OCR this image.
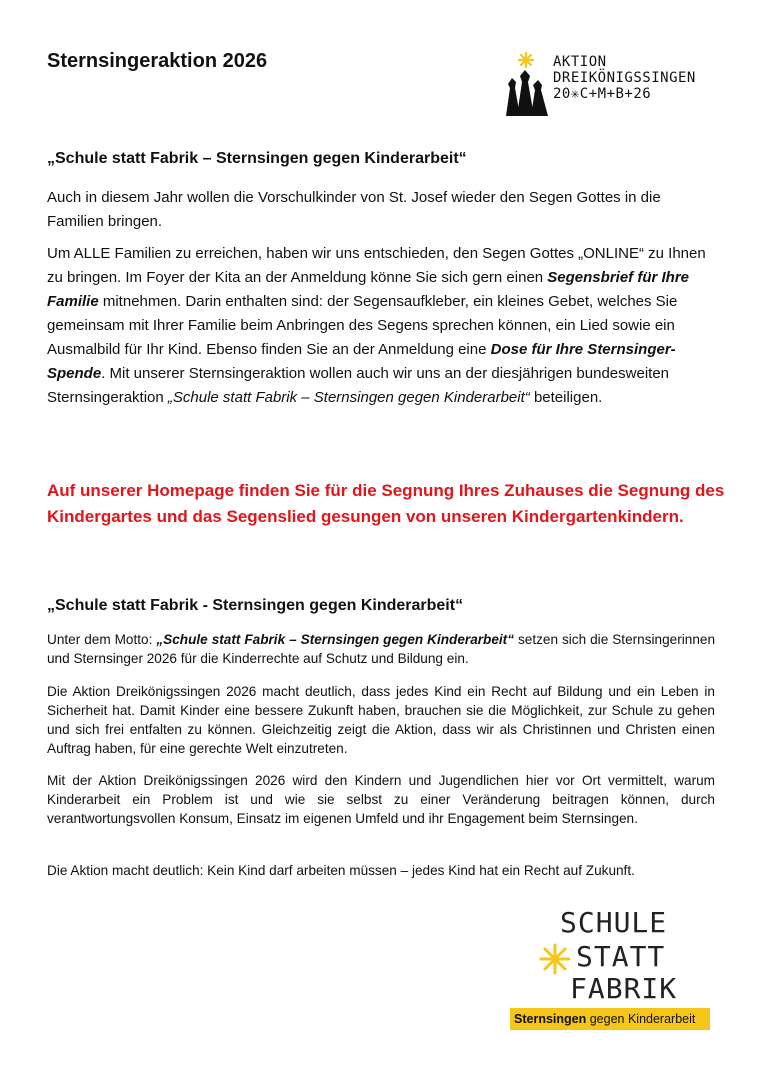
Sternsingeraktion 2026	AKTION
DREIKÖNIGSSINGEN
20✳C+M+B+26
„Schule statt Fabrik – Sternsingen gegen Kinderarbeit“

Auch in diesem Jahr wollen die Vorschulkinder von St. Josef wieder den Segen Gottes in die Familien bringen.

Um ALLE Familien zu erreichen, haben wir uns entschieden, den Segen Gottes „ONLINE“ zu Ihnen zu bringen. Im Foyer der Kita an der Anmeldung könne Sie sich gern einen Segensbrief für Ihre Familie mitnehmen. Darin enthalten sind: der Segensaufkleber, ein kleines Gebet, welches Sie gemeinsam mit Ihrer Familie beim Anbringen des Segens sprechen können, ein Lied sowie ein Ausmalbild für Ihr Kind. Ebenso finden Sie an der Anmeldung eine Dose für Ihre Sternsinger-Spende. Mit unserer Sternsingeraktion wollen auch wir uns an der diesjährigen bundesweiten Sternsingeraktion „Schule statt Fabrik – Sternsingen gegen Kinderarbeit“ beteiligen.

Auf unserer Homepage finden Sie für die Segnung Ihres Zuhauses die Segnung des Kindergartes und das Segenslied gesungen von unseren Kindergartenkindern.

„Schule statt Fabrik - Sternsingen gegen Kinderarbeit“

Unter dem Motto: „Schule statt Fabrik – Sternsingen gegen Kinderarbeit“ setzen sich die Sternsingerinnen und Sternsinger 2026 für die Kinderrechte auf Schutz und Bildung ein.

Die Aktion Dreikönigssingen 2026 macht deutlich, dass jedes Kind ein Recht auf Bildung und ein Leben in Sicherheit hat. Damit Kinder eine bessere Zukunft haben, brauchen sie die Möglichkeit, zur Schule zu gehen und sich frei entfalten zu können. Gleichzeitig zeigt die Aktion, dass wir als Christinnen und Christen einen Auftrag haben, für eine gerechte Welt einzutreten.

Mit der Aktion Dreikönigssingen 2026 wird den Kindern und Jugendlichen hier vor Ort vermittelt, warum Kinderarbeit ein Problem ist und wie sie selbst zu einer Veränderung beitragen können, durch verantwortungsvollen Konsum, Einsatz im eigenen Umfeld und ihr Engagement beim Sternsingen.

Die Aktion macht deutlich: Kein Kind darf arbeiten müssen – jedes Kind hat ein Recht auf Zukunft.

SCHULE
STATT
FABRIK
Sternsingen gegen Kinderarbeit
